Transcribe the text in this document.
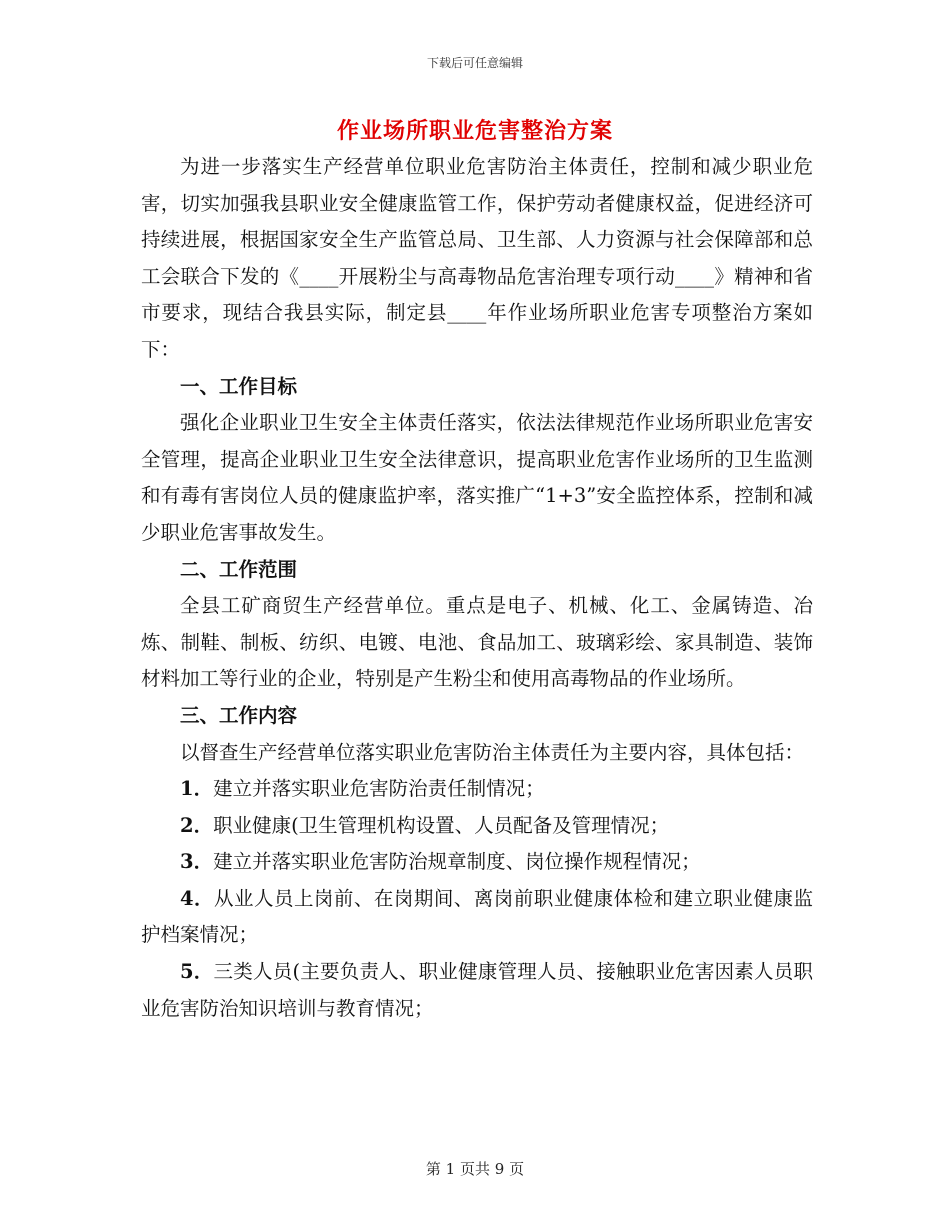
下载后可任意编辑
作业场所职业危害整治方案

为进一步落实生产经营单位职业危害防治主体责任，控制和减少职业危害，切实加强我县职业安全健康监管工作，保护劳动者健康权益，促进经济可持续进展，根据国家安全生产监管总局、卫生部、人力资源与社会保障部和总工会联合下发的《____开展粉尘与高毒物品危害治理专项行动____》精神和省市要求，现结合我县实际，制定县____年作业场所职业危害专项整治方案如下：

一、工作目标

强化企业职业卫生安全主体责任落实，依法法律规范作业场所职业危害安全管理，提高企业职业卫生安全法律意识，提高职业危害作业场所的卫生监测和有毒有害岗位人员的健康监护率，落实推广“1+3”安全监控体系，控制和减少职业危害事故发生。

二、工作范围

全县工矿商贸生产经营单位。重点是电子、机械、化工、金属铸造、冶炼、制鞋、制板、纺织、电镀、电池、食品加工、玻璃彩绘、家具制造、装饰材料加工等行业的企业，特别是产生粉尘和使用高毒物品的作业场所。

三、工作内容

以督查生产经营单位落实职业危害防治主体责任为主要内容，具体包括：

1．建立并落实职业危害防治责任制情况；

2．职业健康(卫生管理机构设置、人员配备及管理情况；

3．建立并落实职业危害防治规章制度、岗位操作规程情况；

4．从业人员上岗前、在岗期间、离岗前职业健康体检和建立职业健康监护档案情况；

5．三类人员(主要负责人、职业健康管理人员、接触职业危害因素人员职业危害防治知识培训与教育情况；

第 1 页共 9 页
